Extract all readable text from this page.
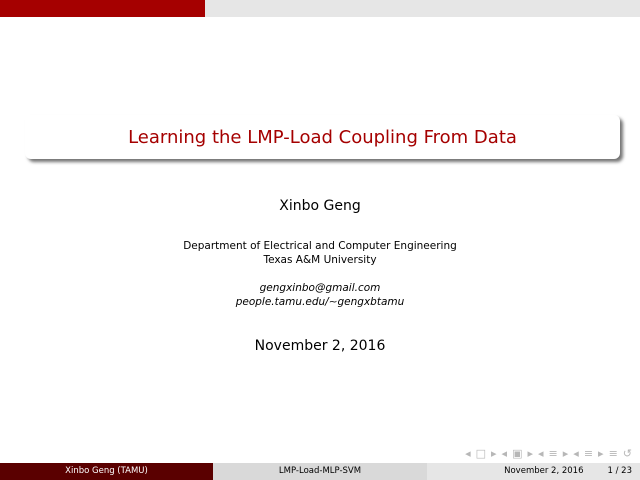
Learning the LMP-Load Coupling From Data
Xinbo Geng
Department of Electrical and Computer Engineering
Texas A&M University
gengxinbo@gmail.com
people.tamu.edu/∼gengxbtamu
November 2, 2016
◂ □ ▸ ◂ ▣ ▸ ◂ ≡ ▸ ◂ ≡ ▸ ≡ ↺
Xinbo Geng (TAMU)	LMP-Load-MLP-SVM	November 2, 2016	1 / 23
